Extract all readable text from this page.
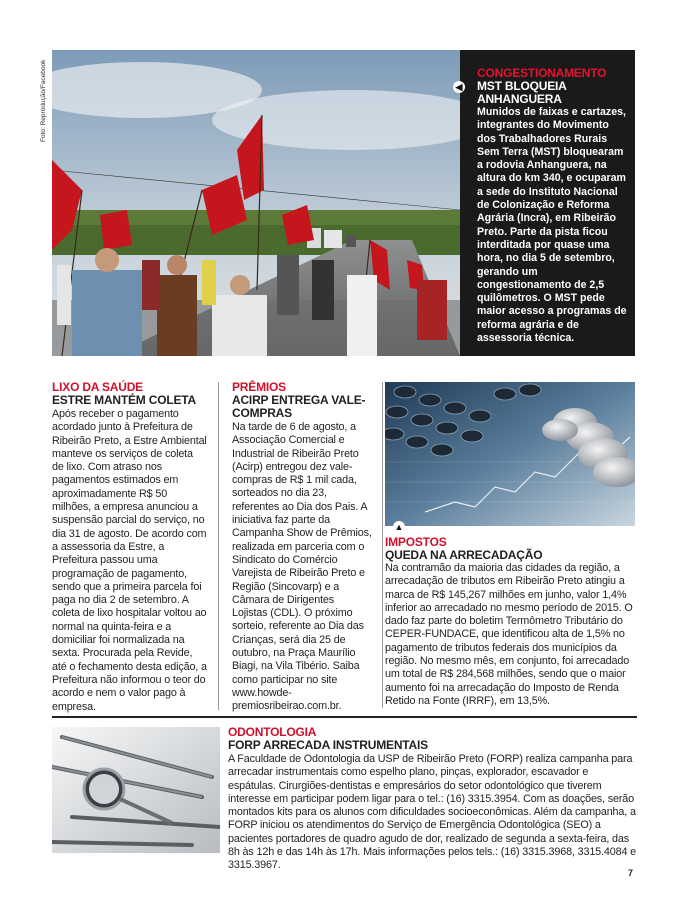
Foto: Reprodução/Facebook	◀
CONGESTIONAMENTO
MST BLOQUEIA ANHANGUERA
Munidos de faixas e cartazes, integrantes do Movimento dos Trabalhadores Rurais Sem Terra (MST) bloquearam a rodovia Anhanguera, na altura do km 340, e ocuparam a sede do Instituto Nacional de Colonização e Reforma Agrária (Incra), em Ribeirão Preto. Parte da pista ficou interditada por quase uma hora, no dia 5 de setembro, gerando um congestionamento de 2,5 quilômetros. O MST pede maior acesso a programas de reforma agrária e de assessoria técnica.
LIXO DA SAÚDE
ESTRE MANTÉM COLETA
Após receber o pagamento acordado junto à Prefeitura de Ribeirão Preto, a Estre Ambiental manteve os serviços de coleta de lixo. Com atraso nos pagamentos estimados em aproximadamente R$ 50 milhões, a empresa anunciou a suspensão parcial do serviço, no dia 31 de agosto. De acordo com a assessoria da Estre, a Prefeitura passou uma programação de pagamento, sendo que a primeira parcela foi paga no dia 2 de setembro. A coleta de lixo hospitalar voltou ao normal na quinta-feira e a domiciliar foi normalizada na sexta. Procurada pela Revide, até o fechamento desta edição, a Prefeitura não informou o teor do acordo e nem o valor pago à empresa.
PRÊMIOS
ACIRP ENTREGA VALE-COMPRAS
Na tarde de 6 de agosto, a Associação Comercial e Industrial de Ribeirão Preto (Acirp) entregou dez vale-compras de R$ 1 mil cada, sorteados no dia 23, referentes ao Dia dos Pais. A iniciativa faz parte da Campanha Show de Prêmios, realizada em parceria com o Sindicato do Comércio Varejista de Ribeirão Preto e Região (Sincovarp) e a Câmara de Dirigentes Lojistas (CDL). O próximo sorteio, referente ao Dia das Crianças, será dia 25 de outubro, na Praça Maurílio Biagi, na Vila Tibério. Saiba como participar no site www.howde-premiosribeirao.com.br.
▲
IMPOSTOS
QUEDA NA ARRECADAÇÃO
Na contramão da maioria das cidades da região, a arrecadação de tributos em Ribeirão Preto atingiu a marca de R$ 145,267 milhões em junho, valor 1,4% inferior ao arrecadado no mesmo período de 2015. O dado faz parte do boletim Termômetro Tributário do CEPER-FUNDACE, que identificou alta de 1,5% no pagamento de tributos federais dos municípios da região. No mesmo mês, em conjunto, foi arrecadado um total de R$ 284,568 milhões, sendo que o maior aumento foi na arrecadação do Imposto de Renda Retido na Fonte (IRRF), em 13,5%.
ODONTOLOGIA
FORP ARRECADA INSTRUMENTAIS
A Faculdade de Odontologia da USP de Ribeirão Preto (FORP) realiza campanha para arrecadar instrumentais como espelho plano, pinças, explorador, escavador e espátulas. Cirurgiões-dentistas e empresários do setor odontológico que tiverem interesse em participar podem ligar para o tel.: (16) 3315.3954. Com as doações, serão montados kits para os alunos com dificuldades socioeconômicas. Além da campanha, a FORP iniciou os atendimentos do Serviço de Emergência Odontológica (SEO) a pacientes portadores de quadro agudo de dor, realizado de segunda a sexta-feira, das 8h às 12h e das 14h às 17h. Mais informações pelos tels.: (16) 3315.3968, 3315.4084 e 3315.3967.
7
